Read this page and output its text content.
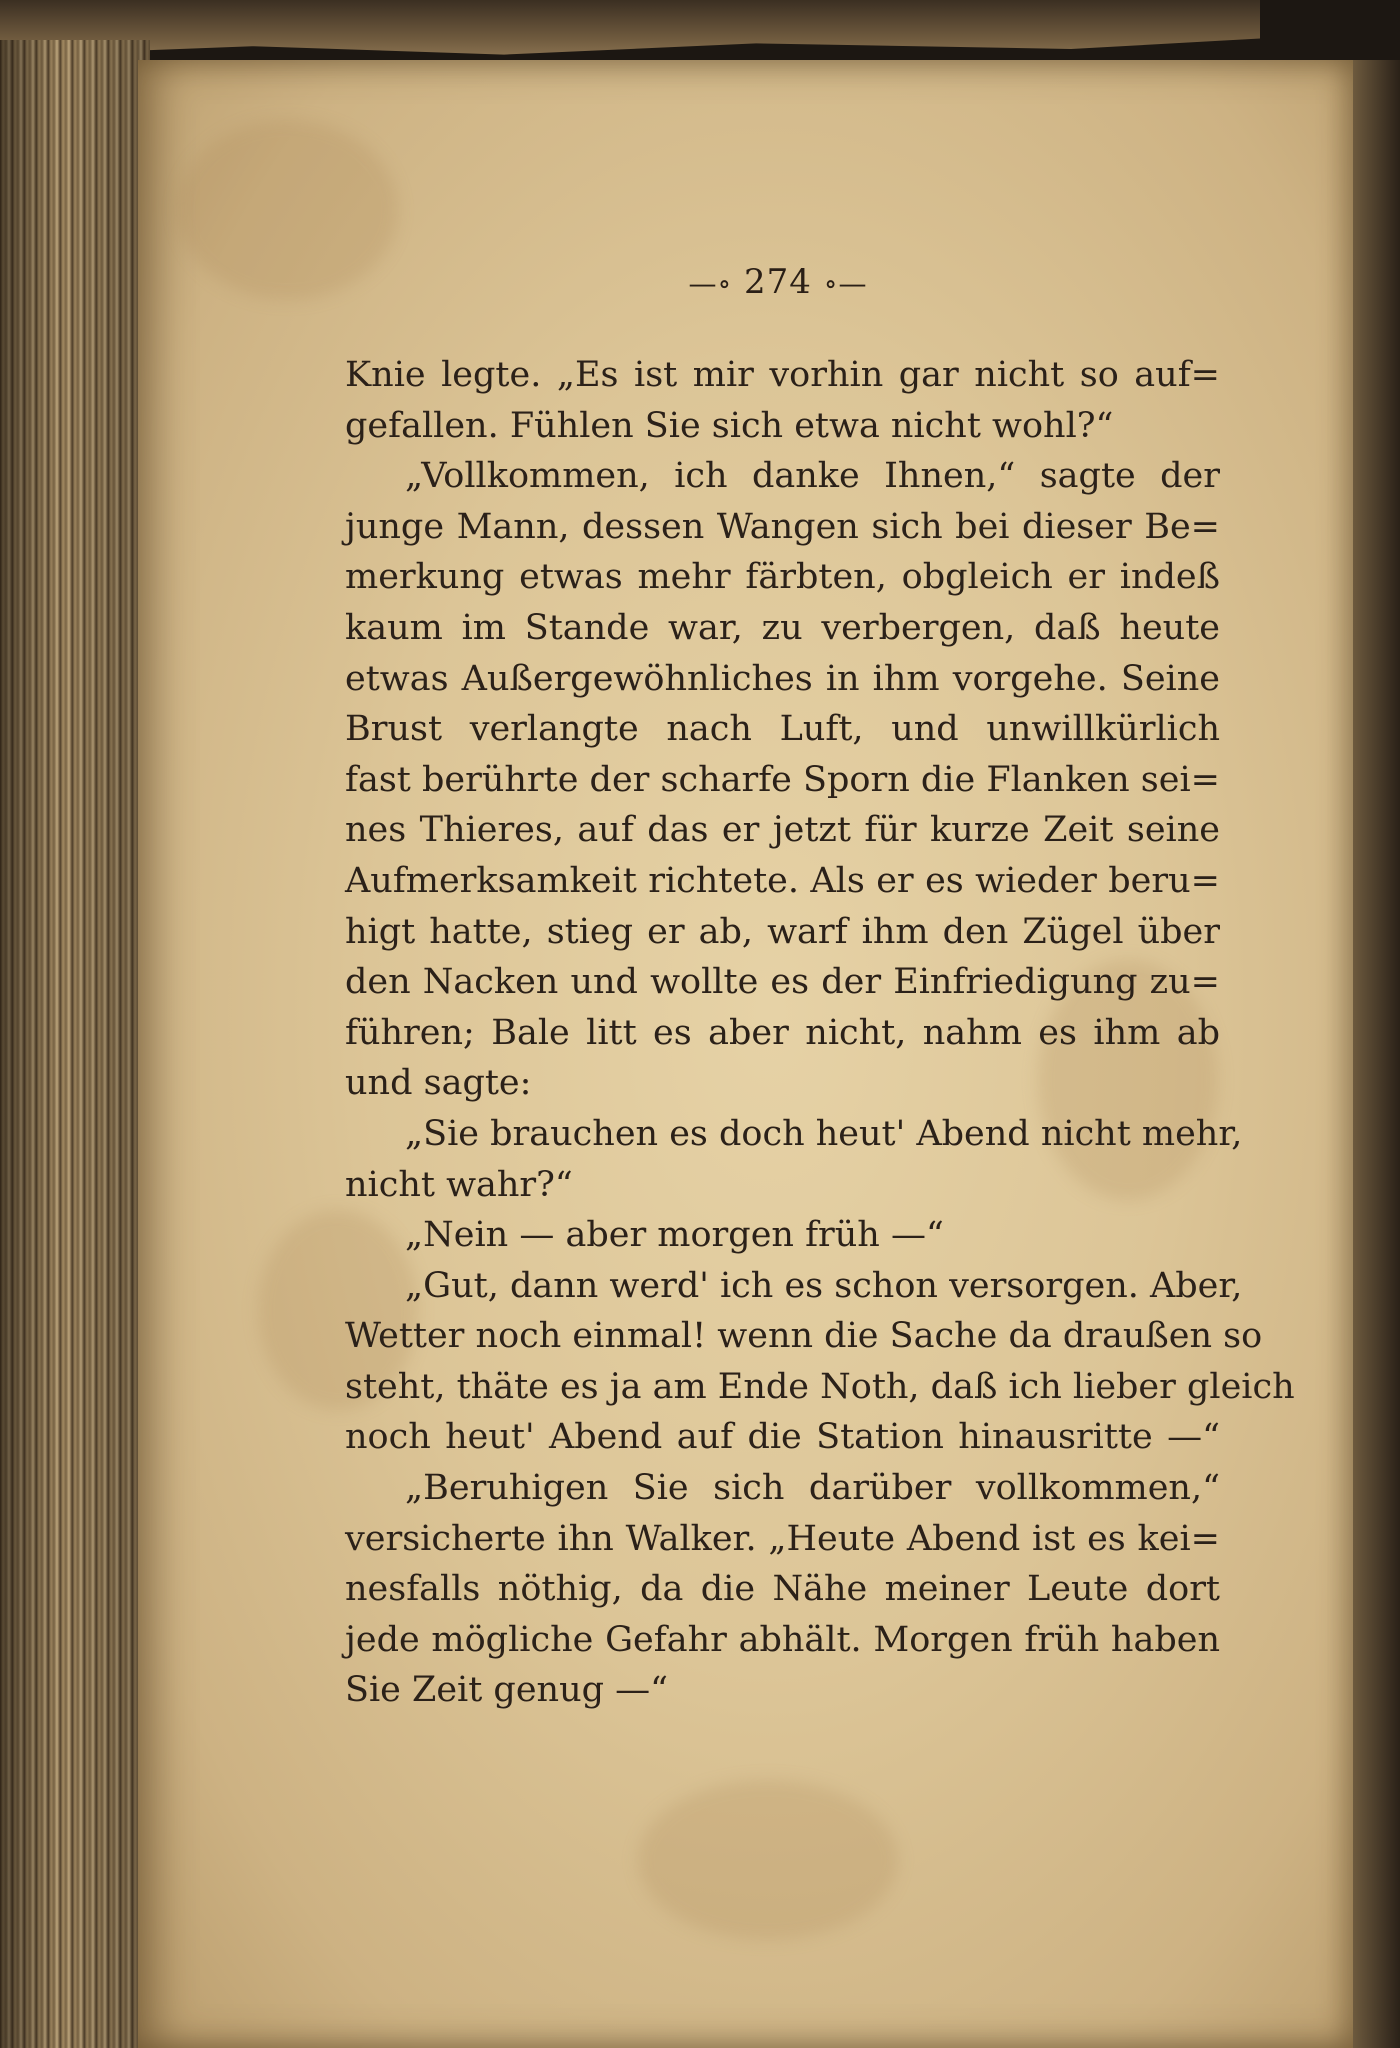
—∘ 274 ∘—
Knie legte. „Es ist mir vorhin gar nicht so auf=
gefallen. Fühlen Sie sich etwa nicht wohl?“
„Vollkommen, ich danke Ihnen,“ sagte der
junge Mann, dessen Wangen sich bei dieser Be=
merkung etwas mehr färbten, obgleich er indeß
kaum im Stande war, zu verbergen, daß heute
etwas Außergewöhnliches in ihm vorgehe. Seine
Brust verlangte nach Luft, und unwillkürlich
fast berührte der scharfe Sporn die Flanken sei=
nes Thieres, auf das er jetzt für kurze Zeit seine
Aufmerksamkeit richtete. Als er es wieder beru=
higt hatte, stieg er ab, warf ihm den Zügel über
den Nacken und wollte es der Einfriedigung zu=
führen; Bale litt es aber nicht, nahm es ihm ab
und sagte:
„Sie brauchen es doch heut' Abend nicht mehr,
nicht wahr?“
„Nein — aber morgen früh —“
„Gut, dann werd' ich es schon versorgen. Aber,
Wetter noch einmal! wenn die Sache da draußen so
steht, thäte es ja am Ende Noth, daß ich lieber gleich
noch heut' Abend auf die Station hinausritte —“
„Beruhigen Sie sich darüber vollkommen,“
versicherte ihn Walker. „Heute Abend ist es kei=
nesfalls nöthig, da die Nähe meiner Leute dort
jede mögliche Gefahr abhält. Morgen früh haben
Sie Zeit genug —“
